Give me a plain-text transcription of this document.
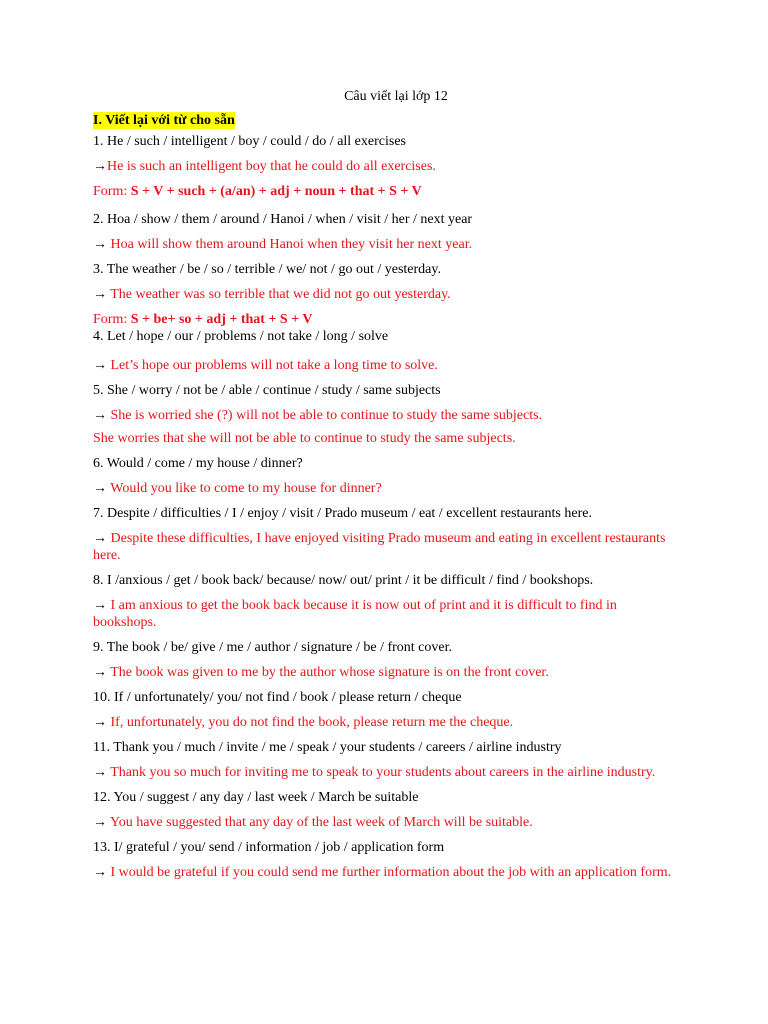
Câu viết lại lớp 12
I. Viết lại với từ cho sẵn

1. He / such / intelligent / boy / could / do / all exercises

→He is such an intelligent boy that he could do all exercises.

Form: S + V + such + (a/an) + adj + noun + that + S + V

2. Hoa / show / them / around / Hanoi / when / visit / her / next year

→ Hoa will show them around Hanoi when they visit her next year.

3. The weather / be / so / terrible / we/ not / go out / yesterday.

→ The weather was so terrible that we did not go out yesterday.

Form: S + be+ so + adj + that + S + V

4. Let / hope / our / problems / not take / long / solve

→ Let’s hope our problems will not take a long time to solve.

5. She / worry / not be / able / continue / study / same subjects

→ She is worried she (?) will not be able to continue to study the same subjects.

She worries that she will not be able to continue to study the same subjects.

6. Would / come / my house / dinner?

→ Would you like to come to my house for dinner?

7. Despite / difficulties / I / enjoy / visit / Prado museum / eat / excellent restaurants here.

→ Despite these difficulties, I have enjoyed visiting Prado museum and eating in excellent restaurants here.

8. I /anxious / get / book back/ because/ now/ out/ print / it be difficult / find / bookshops.

→ I am anxious to get the book back because it is now out of print and it is difficult to find in bookshops.

9. The book / be/ give / me / author / signature / be / front cover.

→ The book was given to me by the author whose signature is on the front cover.

10. If / unfortunately/ you/ not find / book / please return / cheque

→ If, unfortunately, you do not find the book, please return me the cheque.

11. Thank you / much / invite / me / speak / your students / careers / airline industry

→ Thank you so much for inviting me to speak to your students about careers in the airline industry.

12. You / suggest / any day / last week / March be suitable

→ You have suggested that any day of the last week of March will be suitable.

13. I/ grateful / you/ send / information / job / application form

→ I would be grateful if you could send me further information about the job with an application form.
